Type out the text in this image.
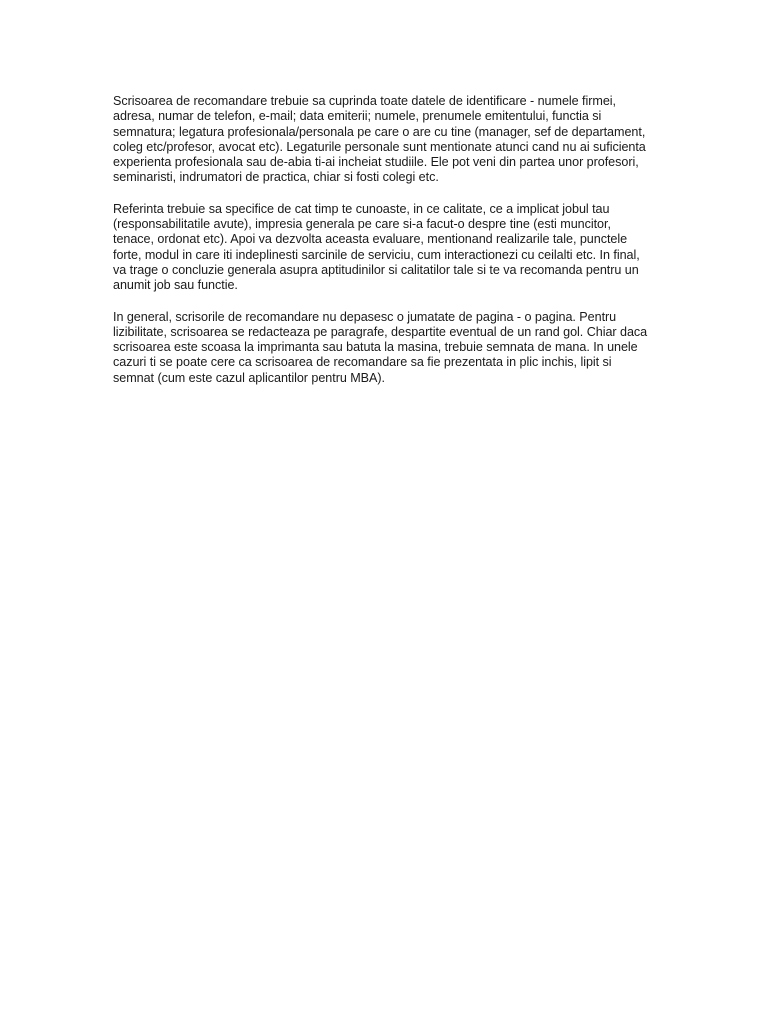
Scrisoarea de recomandare trebuie sa cuprinda toate datele de identificare - numele firmei,
adresa, numar de telefon, e-mail; data emiterii; numele, prenumele emitentului, functia si
semnatura; legatura profesionala/personala pe care o are cu tine (manager, sef de departament,
coleg etc/profesor, avocat etc). Legaturile personale sunt mentionate atunci cand nu ai suficienta
experienta profesionala sau de-abia ti-ai incheiat studiile. Ele pot veni din partea unor profesori,
seminaristi, indrumatori de practica, chiar si fosti colegi etc.

Referinta trebuie sa specifice de cat timp te cunoaste, in ce calitate, ce a implicat jobul tau
(responsabilitatile avute), impresia generala pe care si-a facut-o despre tine (esti muncitor,
tenace, ordonat etc). Apoi va dezvolta aceasta evaluare, mentionand realizarile tale, punctele
forte, modul in care iti indeplinesti sarcinile de serviciu, cum interactionezi cu ceilalti etc. In final,
va trage o concluzie generala asupra aptitudinilor si calitatilor tale si te va recomanda pentru un
anumit job sau functie.

In general, scrisorile de recomandare nu depasesc o jumatate de pagina - o pagina. Pentru
lizibilitate, scrisoarea se redacteaza pe paragrafe, despartite eventual de un rand gol. Chiar daca
scrisoarea este scoasa la imprimanta sau batuta la masina, trebuie semnata de mana. In unele
cazuri ti se poate cere ca scrisoarea de recomandare sa fie prezentata in plic inchis, lipit si
semnat (cum este cazul aplicantilor pentru MBA).
